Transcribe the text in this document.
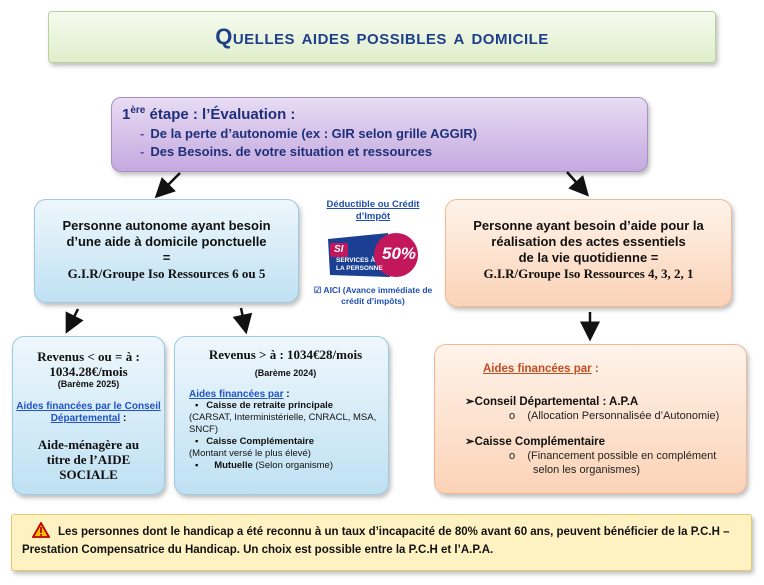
Quelles aides possibles a domicile
1ère étape : l’Évaluation :
- De la perte d’autonomie (ex : GIR selon grille AGGIR)
- Des Besoins. de votre situation et ressources
Personne autonome ayant besoin
d’une aide à domicile ponctuelle
=
G.I.R/Groupe Iso Ressources 6 ou 5
Déductible ou Crédit d’Impôt
SI
SERVICES À
LA PERSONNE
50%
☑ AICI (Avance immédiate de crédit d’impôts)
Personne ayant besoin d’aide pour la
réalisation des actes essentiels
de la vie quotidienne =
G.I.R/Groupe Iso Ressources 4, 3, 2, 1
Revenus < ou = à :
1034.28€/mois
(Barème 2025)
Aides financées par le Conseil Départemental :
Aide-ménagère au
titre de l’AIDE
SOCIALE
Revenus > à : 1034€28/mois
(Barème 2024)
Aides financées par :
▪   Caisse de retraite principale
(CARSAT, Interministérielle, CNRACL, MSA, SNCF)
▪   Caisse Complémentaire
(Montant versé le plus élevé)
▪      Mutuelle (Selon organisme)
Aides financées par :
➢Conseil Départemental : A.P.A
o    (Allocation Personnalisée d’Autonomie)
➢Caisse Complémentaire
o    (Financement possible en complément
selon les organismes)
Les personnes dont le handicap a été reconnu à un taux d’incapacité de 80% avant 60 ans, peuvent bénéficier de la P.C.H – Prestation Compensatrice du Handicap. Un choix est possible entre la P.C.H et l’A.P.A.
